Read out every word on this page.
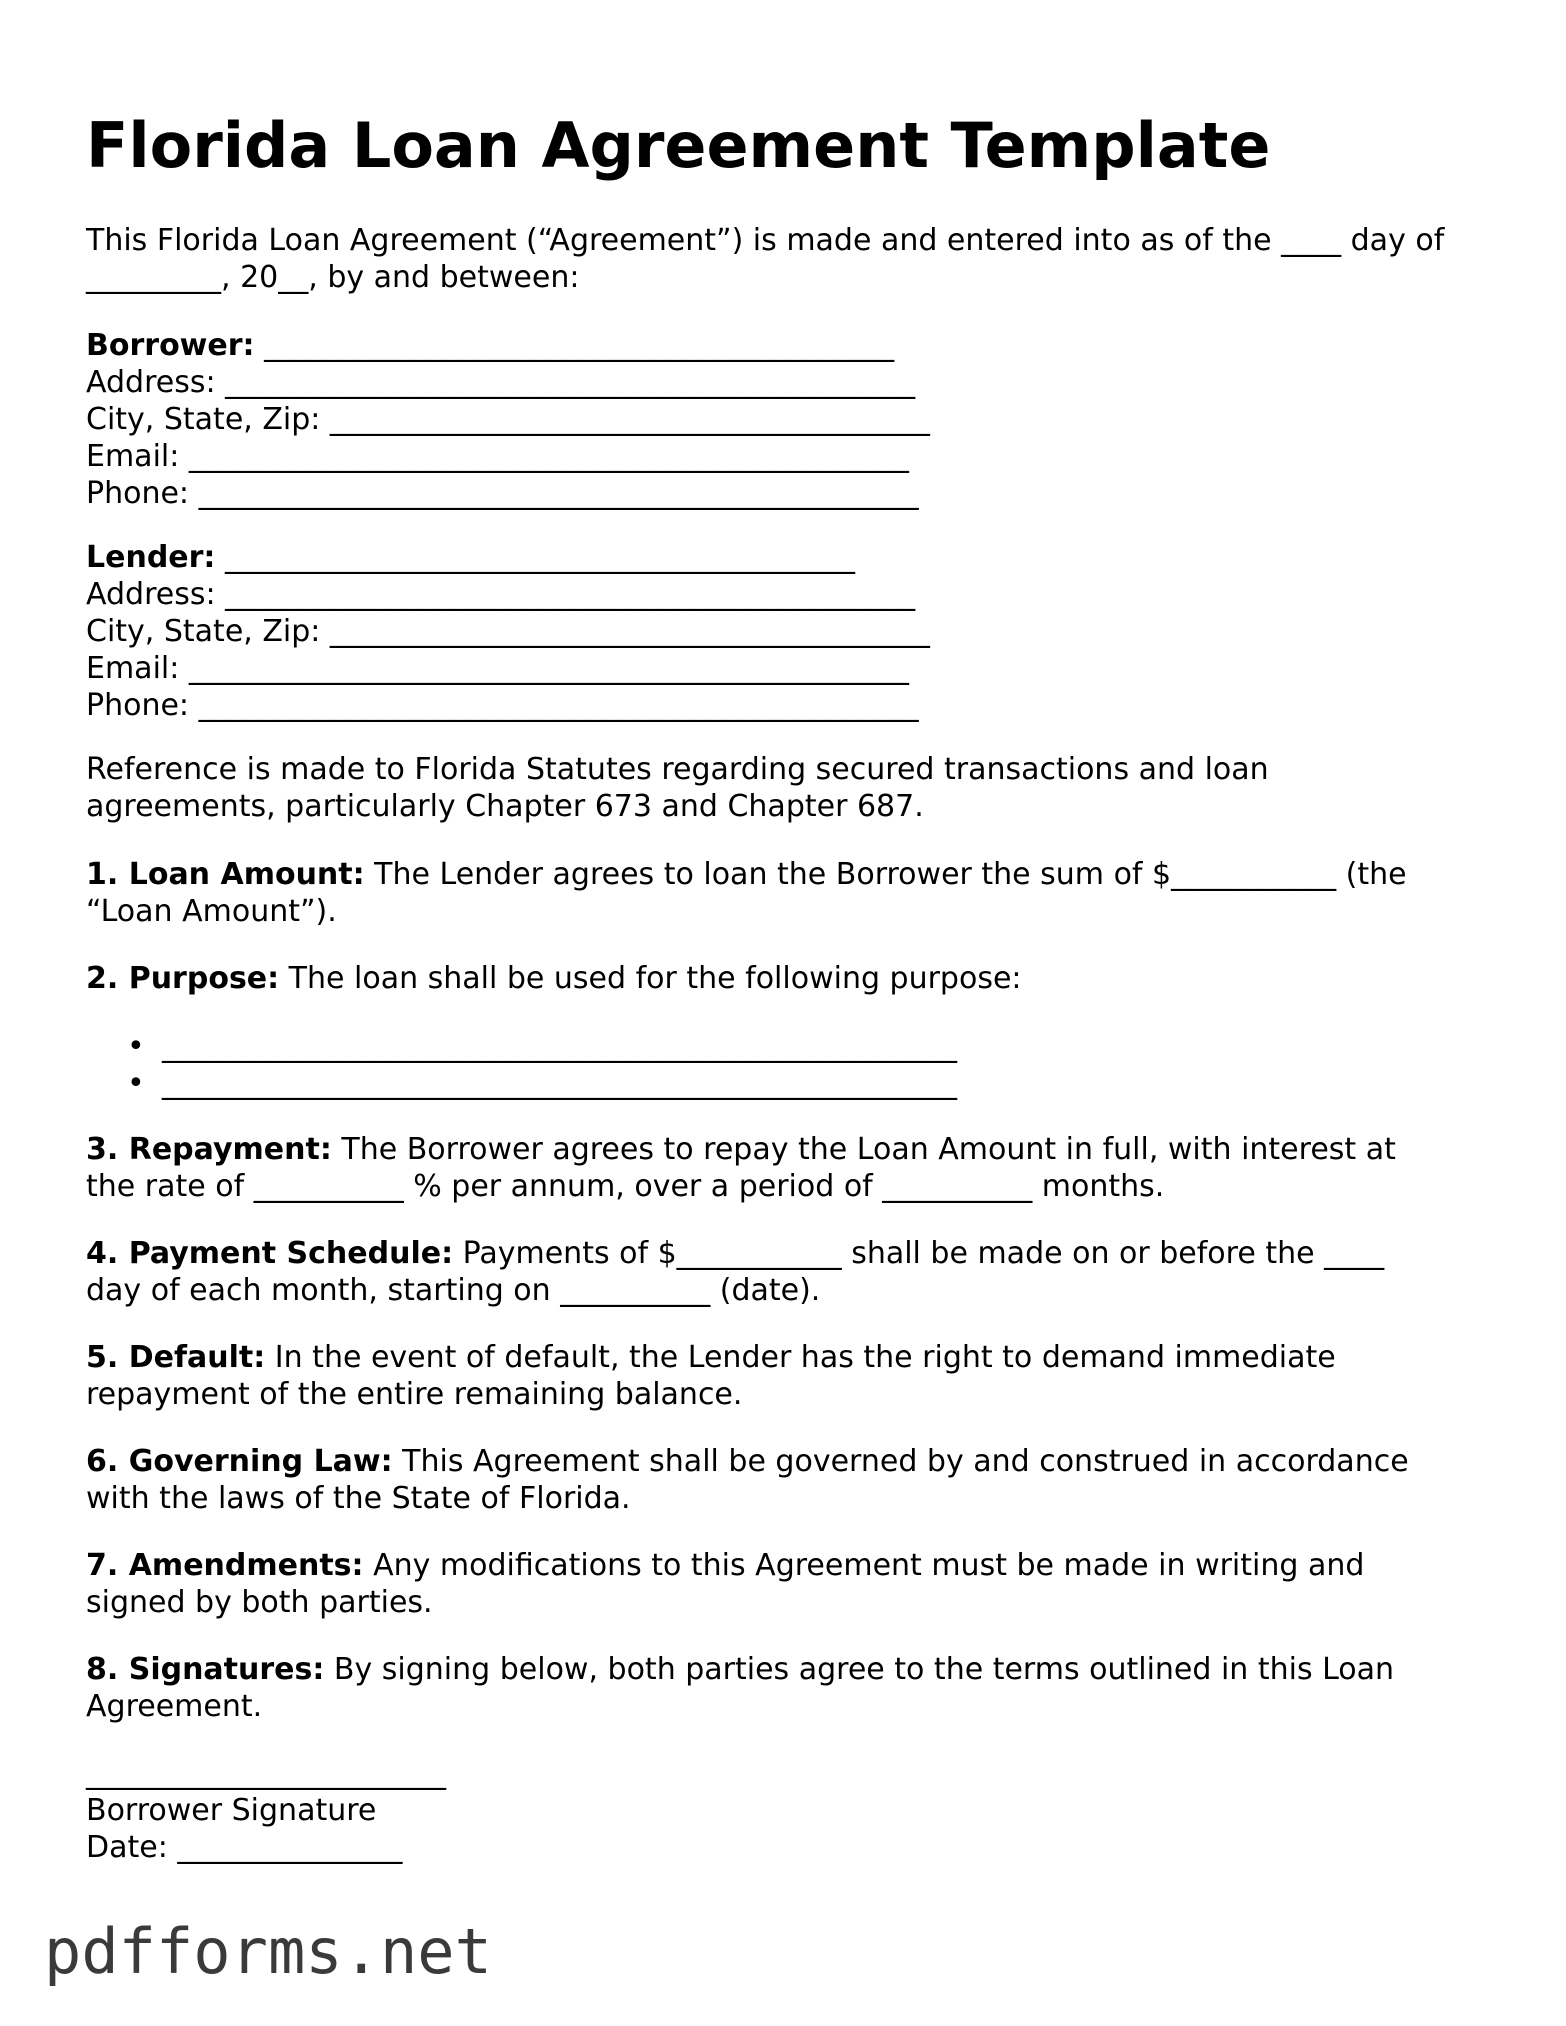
Florida Loan Agreement Template
This Florida Loan Agreement (“Agreement”) is made and entered into as of the ____ day of
_________, 20__, by and between:
Borrower: __________________________________________
Address: ______________________________________________
City, State, Zip: ________________________________________
Email: ________________________________________________
Phone: ________________________________________________
Lender: __________________________________________
Address: ______________________________________________
City, State, Zip: ________________________________________
Email: ________________________________________________
Phone: ________________________________________________
Reference is made to Florida Statutes regarding secured transactions and loan
agreements, particularly Chapter 673 and Chapter 687.
1. Loan Amount: The Lender agrees to loan the Borrower the sum of $___________ (the
“Loan Amount”).
2. Purpose: The loan shall be used for the following purpose:

•

_____________________________________________________

•

_____________________________________________________

3. Repayment: The Borrower agrees to repay the Loan Amount in full, with interest at
the rate of __________ % per annum, over a period of __________ months.
4. Payment Schedule: Payments of $___________ shall be made on or before the ____
day of each month, starting on __________ (date).
5. Default: In the event of default, the Lender has the right to demand immediate
repayment of the entire remaining balance.
6. Governing Law: This Agreement shall be governed by and construed in accordance
with the laws of the State of Florida.
7. Amendments: Any modifications to this Agreement must be made in writing and
signed by both parties.
8. Signatures: By signing below, both parties agree to the terms outlined in this Loan
Agreement.
________________________
Borrower Signature
Date: _______________
pdfforms.net
